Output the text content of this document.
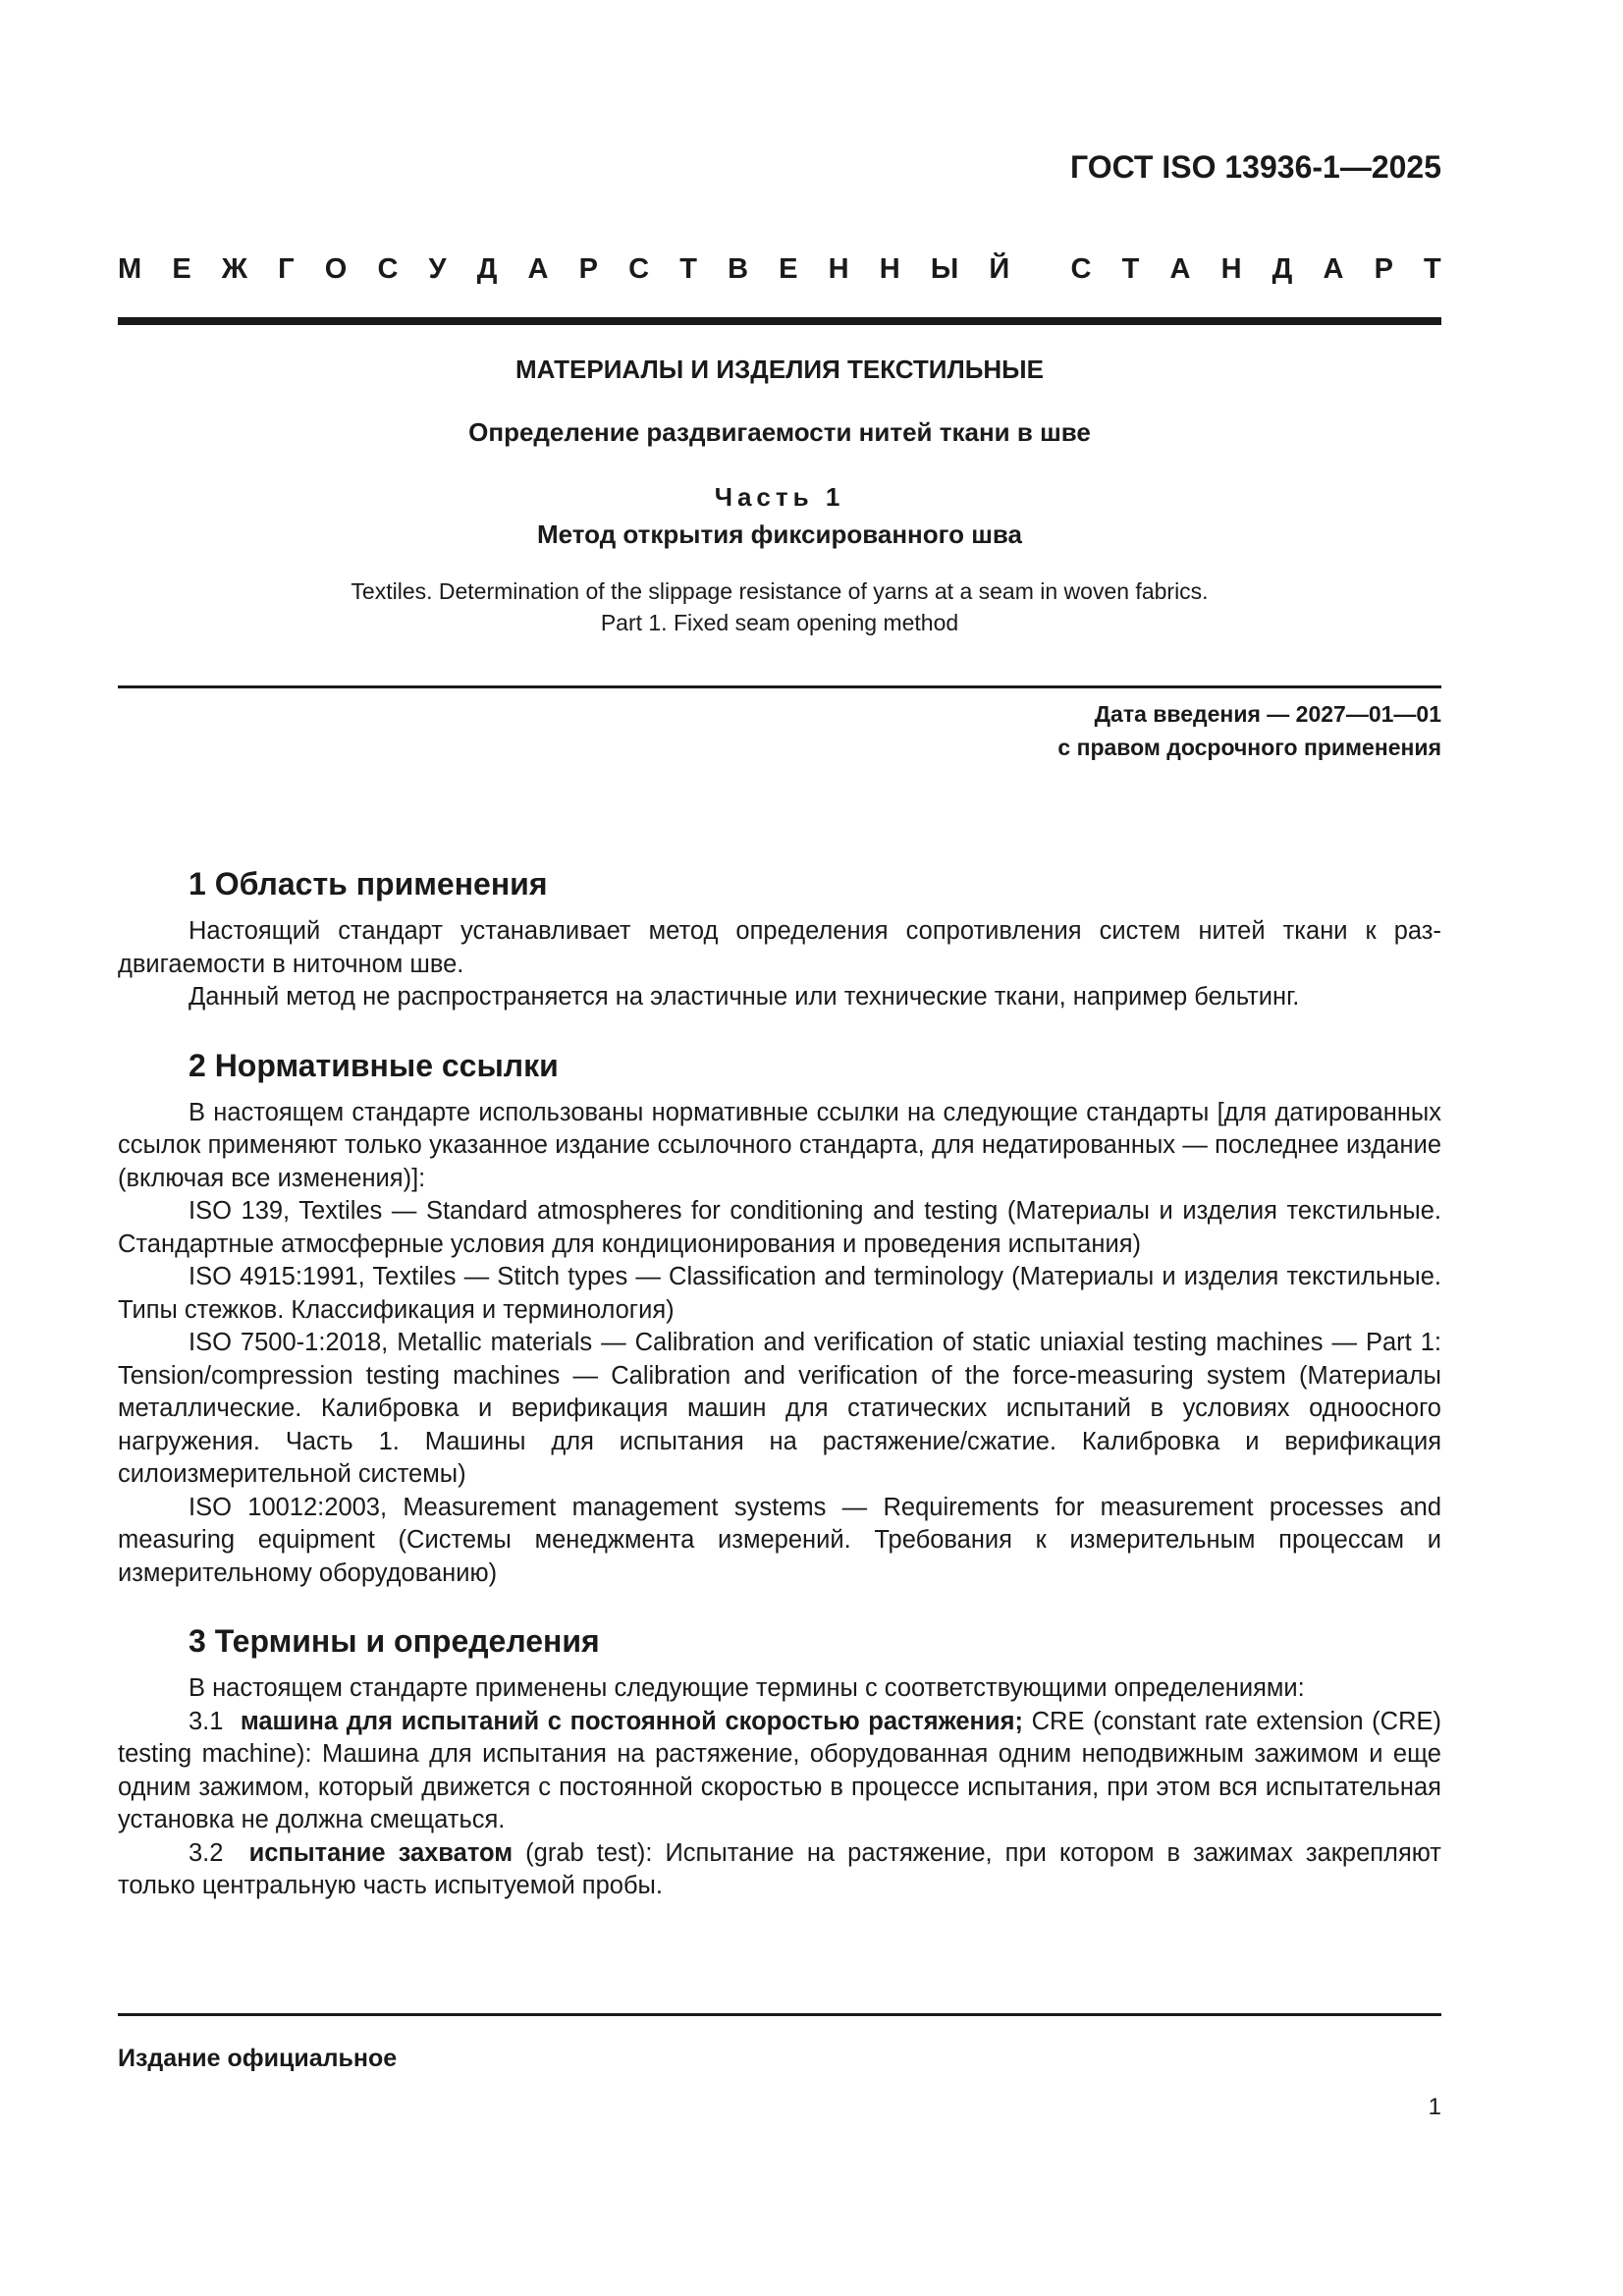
ГОСТ ISO 13936-1—2025
М Е Ж Г О С У Д А Р С Т В Е Н Н Ы Й С Т А Н Д А Р Т
МАТЕРИАЛЫ И ИЗДЕЛИЯ ТЕКСТИЛЬНЫЕ
Определение раздвигаемости нитей ткани в шве
Часть 1
Метод открытия фиксированного шва
Textiles. Determination of the slippage resistance of yarns at a seam in woven fabrics.
Part 1. Fixed seam opening method
Дата введения — 2027—01—01
с правом досрочного применения
1 Область применения

Настоящий стандарт устанавливает метод определения сопротивления систем нитей ткани к раздвигаемости в ниточном шве.

Данный метод не распространяется на эластичные или технические ткани, например бельтинг.

2 Нормативные ссылки

В настоящем стандарте использованы нормативные ссылки на следующие стандарты [для датированных ссылок применяют только указанное издание ссылочного стандарта, для недатированных — последнее издание (включая все изменения)]:

ISO 139, Textiles — Standard atmospheres for conditioning and testing (Материалы и изделия текстильные. Стандартные атмосферные условия для кондиционирования и проведения испытания)

ISO 4915:1991, Textiles — Stitch types — Classification and terminology (Материалы и изделия текстильные. Типы стежков. Классификация и терминология)

ISO 7500-1:2018, Metallic materials — Calibration and verification of static uniaxial testing machines — Part 1: Tension/compression testing machines — Calibration and verification of the force-measuring system (Материалы металлические. Калибровка и верификация машин для статических испытаний в условиях одноосного нагружения. Часть 1. Машины для испытания на растяжение/сжатие. Калибровка и верификация силоизмерительной системы)

ISO 10012:2003, Measurement management systems — Requirements for measurement processes and measuring equipment (Системы менеджмента измерений. Требования к измерительным процессам и измерительному оборудованию)

3 Термины и определения

В настоящем стандарте применены следующие термины с соответствующими определениями:

3.1 машина для испытаний с постоянной скоростью растяжения; CRE (constant rate extension (CRE) testing machine): Машина для испытания на растяжение, оборудованная одним неподвижным зажимом и еще одним зажимом, который движется с постоянной скоростью в процессе испытания, при этом вся испытательная установка не должна смещаться.

3.2 испытание захватом (grab test): Испытание на растяжение, при котором в зажимах закрепляют только центральную часть испытуемой пробы.

Издание официальное
1
